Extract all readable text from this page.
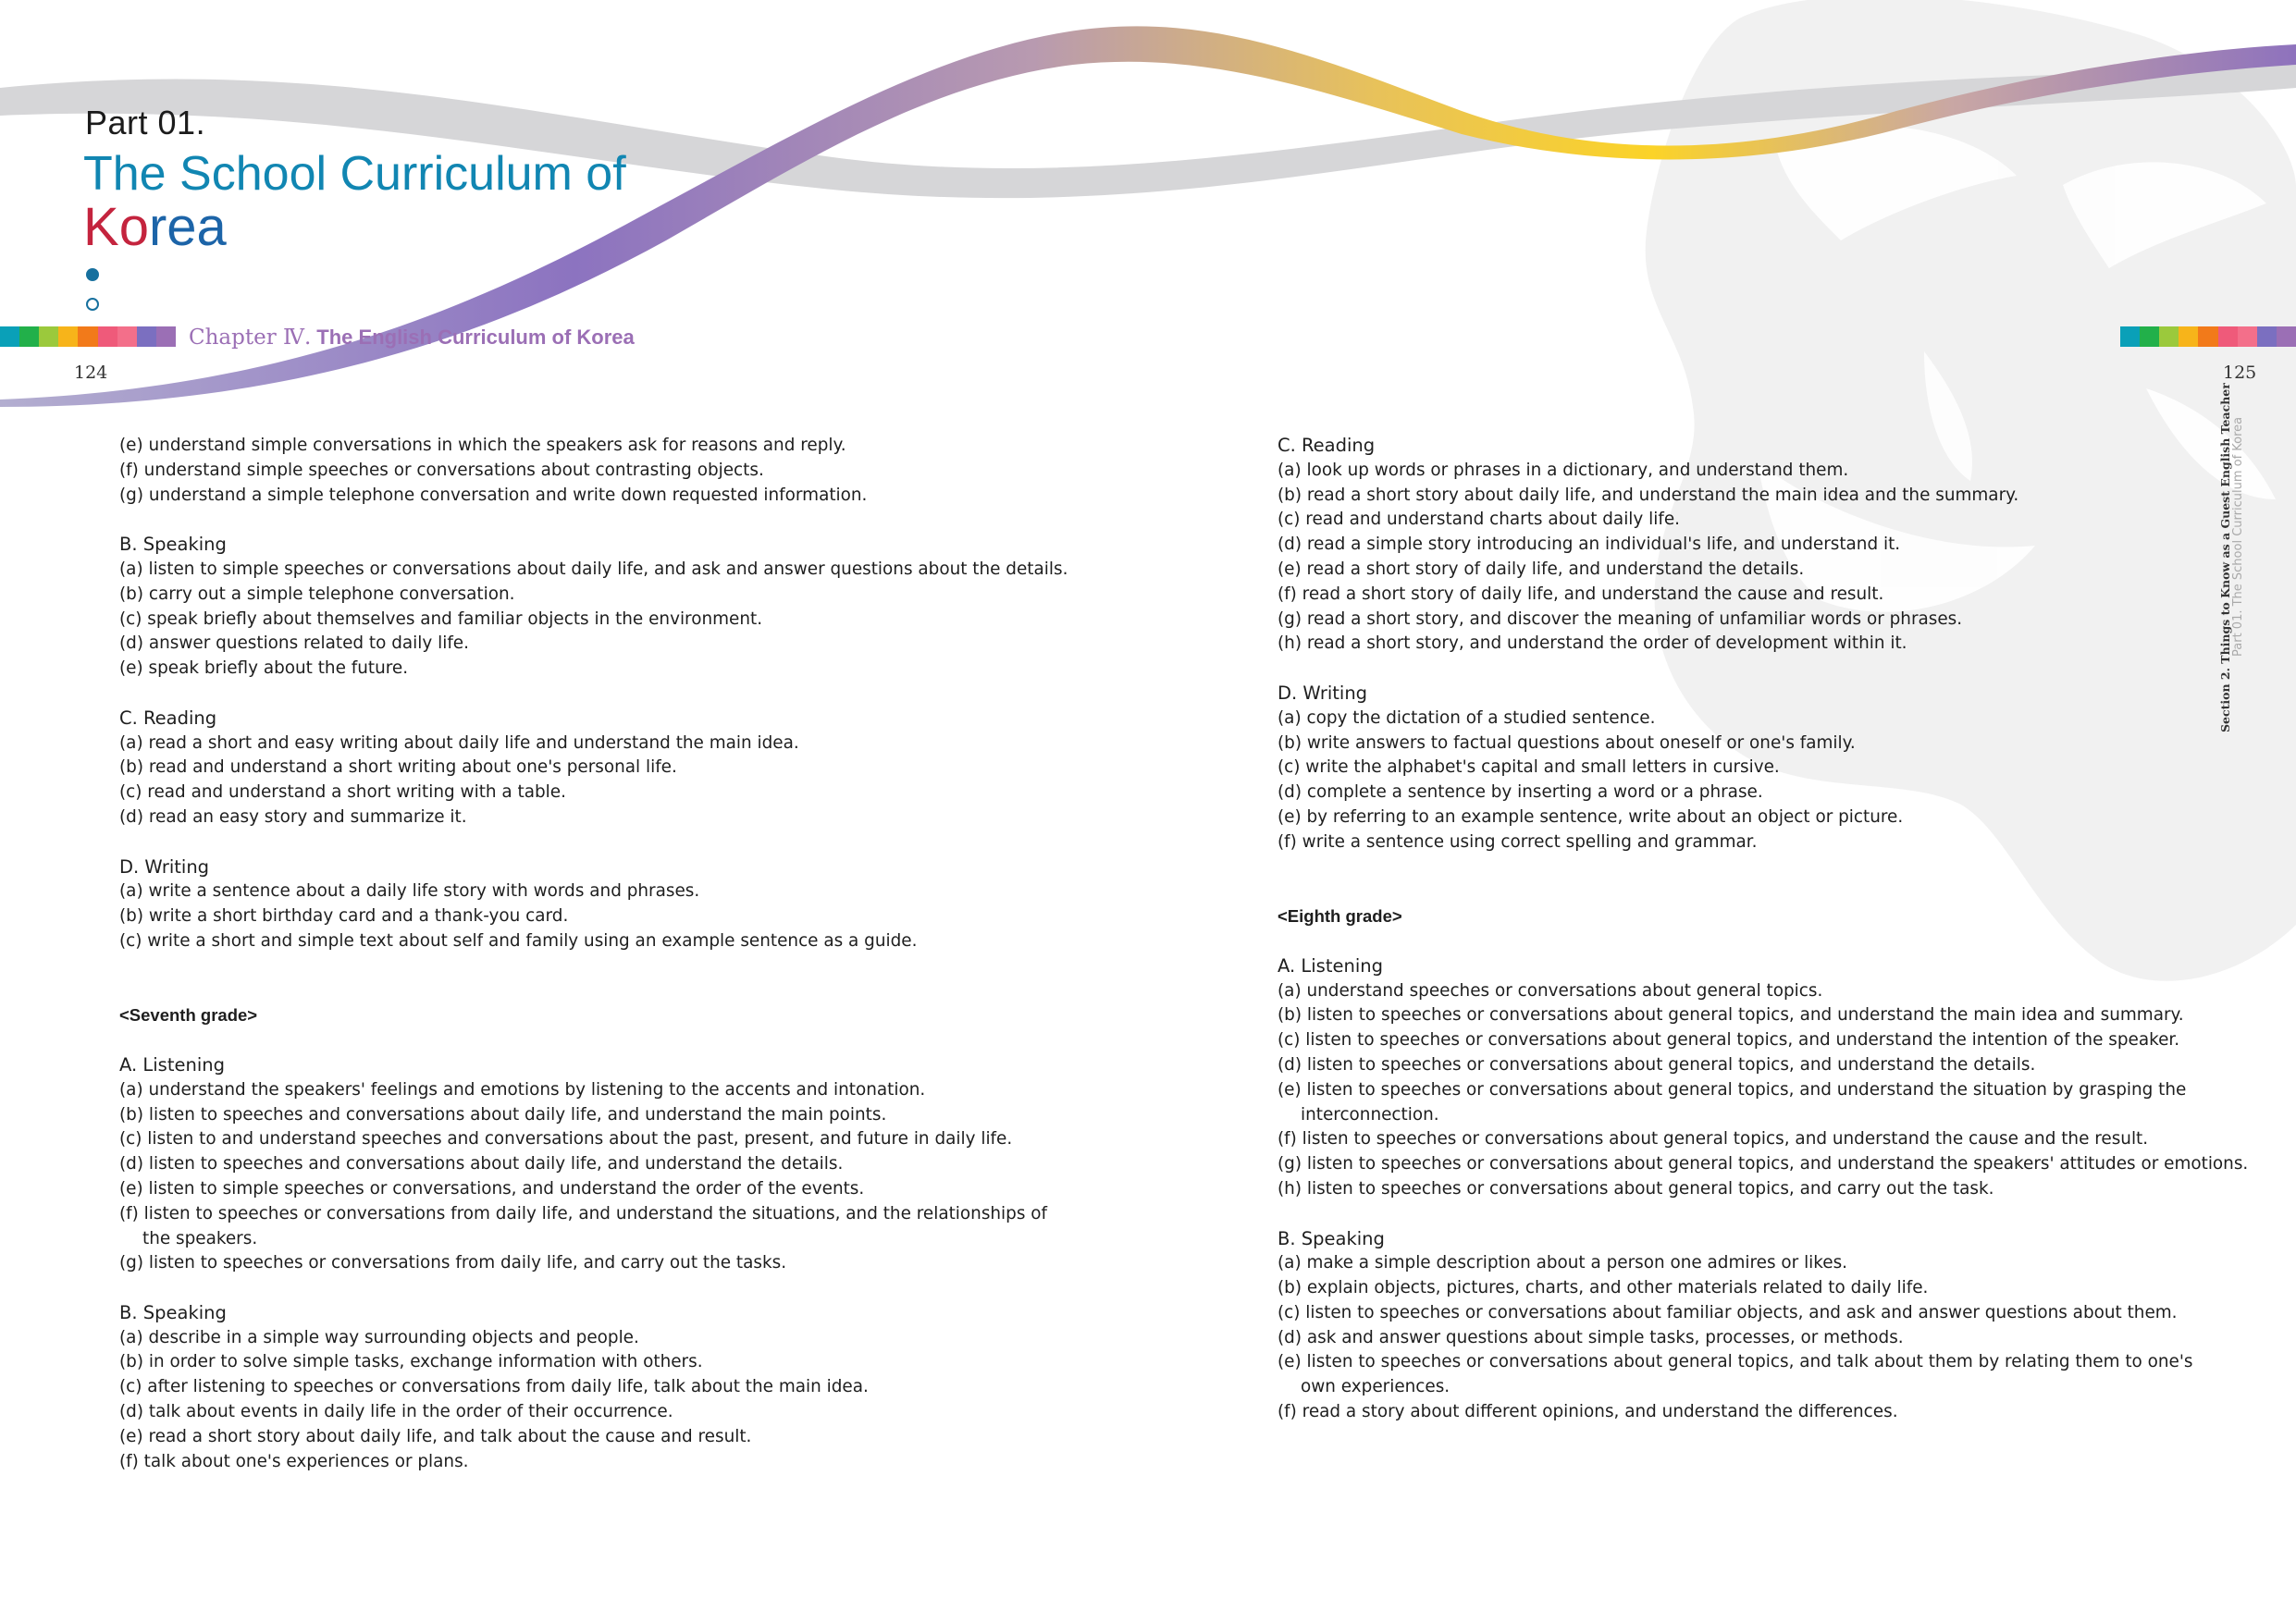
Part 01.
The School Curriculum of
Korea
Chapter Ⅳ. The English Curriculum of Korea
124	125
Section 2. Things to Know as a Guest English Teacher Part 01. The School Curriculum of Korea
(e) understand simple conversations in which the speakers ask for reasons and reply.
(f) understand simple speeches or conversations about contrasting objects.
(g) understand a simple telephone conversation and write down requested information.
B. Speaking
(a) listen to simple speeches or conversations about daily life, and ask and answer questions about the details.
(b) carry out a simple telephone conversation.
(c) speak briefly about themselves and familiar objects in the environment.
(d) answer questions related to daily life.
(e) speak briefly about the future.
C. Reading
(a) read a short and easy writing about daily life and understand the main idea.
(b) read and understand a short writing about one's personal life.
(c) read and understand a short writing with a table.
(d) read an easy story and summarize it.
D. Writing
(a) write a sentence about a daily life story with words and phrases.
(b) write a short birthday card and a thank-you card.
(c) write a short and simple text about self and family using an example sentence as a guide.
<Seventh grade>
A. Listening
(a) understand the speakers' feelings and emotions by listening to the accents and intonation.
(b) listen to speeches and conversations about daily life, and understand the main points.
(c) listen to and understand speeches and conversations about the past, present, and future in daily life.
(d) listen to speeches and conversations about daily life, and understand the details.
(e) listen to simple speeches or conversations, and understand the order of the events.
(f) listen to speeches or conversations from daily life, and understand the situations, and the relationships of
the speakers.
(g) listen to speeches or conversations from daily life, and carry out the tasks.
B. Speaking
(a) describe in a simple way surrounding objects and people.
(b) in order to solve simple tasks, exchange information with others.
(c) after listening to speeches or conversations from daily life, talk about the main idea.
(d) talk about events in daily life in the order of their occurrence.
(e) read a short story about daily life, and talk about the cause and result.
(f) talk about one's experiences or plans.
C. Reading
(a) look up words or phrases in a dictionary, and understand them.
(b) read a short story about daily life, and understand the main idea and the summary.
(c) read and understand charts about daily life.
(d) read a simple story introducing an individual's life, and understand it.
(e) read a short story of daily life, and understand the details.
(f) read a short story of daily life, and understand the cause and result.
(g) read a short story, and discover the meaning of unfamiliar words or phrases.
(h) read a short story, and understand the order of development within it.
D. Writing
(a) copy the dictation of a studied sentence.
(b) write answers to factual questions about oneself or one's family.
(c) write the alphabet's capital and small letters in cursive.
(d) complete a sentence by inserting a word or a phrase.
(e) by referring to an example sentence, write about an object or picture.
(f) write a sentence using correct spelling and grammar.
<Eighth grade>
A. Listening
(a) understand speeches or conversations about general topics.
(b) listen to speeches or conversations about general topics, and understand the main idea and summary.
(c) listen to speeches or conversations about general topics, and understand the intention of the speaker.
(d) listen to speeches or conversations about general topics, and understand the details.
(e) listen to speeches or conversations about general topics, and understand the situation by grasping the
interconnection.
(f) listen to speeches or conversations about general topics, and understand the cause and the result.
(g) listen to speeches or conversations about general topics, and understand the speakers' attitudes or emotions.
(h) listen to speeches or conversations about general topics, and carry out the task.
B. Speaking
(a) make a simple description about a person one admires or likes.
(b) explain objects, pictures, charts, and other materials related to daily life.
(c) listen to speeches or conversations about familiar objects, and ask and answer questions about them.
(d) ask and answer questions about simple tasks, processes, or methods.
(e) listen to speeches or conversations about general topics, and talk about them by relating them to one's
own experiences.
(f) read a story about different opinions, and understand the differences.
